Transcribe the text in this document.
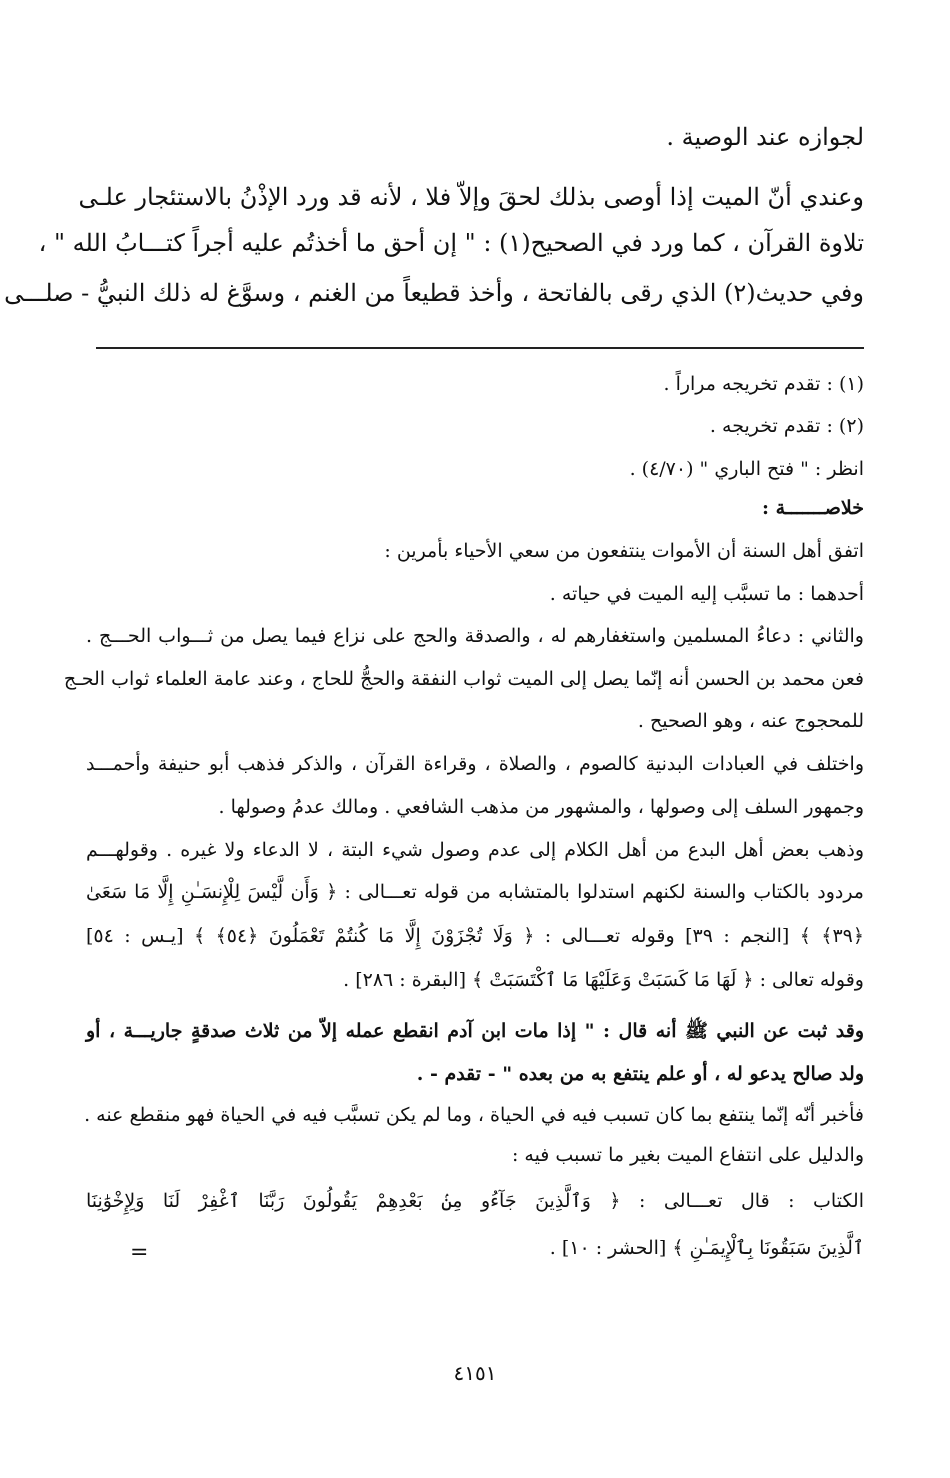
لجوازه عند الوصية .
وعندي أنّ الميت إذا أوصى بذلك لحقَ وإلاّ فلا ، لأنه قد ورد الإذْنُ بالاستئجار علـى
تلاوة القرآن ، كما ورد في الصحيح(١) : " إن أحق ما أخذتُم عليه أجراً كتـــابُ الله " ،
وفي حديث(٢) الذي رقى بالفاتحة ، وأخذ قطيعاً من الغنم ، وسوَّغ له ذلك النبيُّ - صلـــى
(١) : تقدم تخريجه مراراً .
(٢) : تقدم تخريجه .
انظر : " فتح الباري " (٤/٧٠) .
خلاصـــــــة :
اتفق أهل السنة أن الأموات ينتفعون من سعي الأحياء بأمرين :
أحدهما : ما تسبَّب إليه الميت في حياته .
والثاني : دعاءُ المسلمين واستغفارهم له ، والصدقة والحج على نزاع فيما يصل من ثـــواب الحـــج .
فعن محمد بن الحسن أنه إنّما يصل إلى الميت ثواب النفقة والحجُّ للحاج ، وعند عامة العلماء ثواب الحـج
للمحجوج عنه ، وهو الصحيح .
واختلف في العبادات البدنية كالصوم ، والصلاة ، وقراءة القرآن ، والذكر فذهب أبو حنيفة وأحمـــد
وجمهور السلف إلى وصولها ، والمشهور من مذهب الشافعي . ومالك عدمُ وصولها .
وذهب بعض أهل البدع من أهل الكلام إلى عدم وصول شيء البتة ، لا الدعاء ولا غيره . وقولهـــم
مردود بالكتاب والسنة لكنهم استدلوا بالمتشابه من قوله تعـــالى : ﴿ وَأَن لَّيْسَ لِلْإِنسَـٰنِ إِلَّا مَا سَعَىٰ
﴿٣٩﴾ ﴾ [النجم : ٣٩] وقوله تعـــالى : ﴿ وَلَا تُجْزَوْنَ إِلَّا مَا كُنتُمْ تَعْمَلُونَ ﴿٥٤﴾ ﴾ [يـس : ٥٤]
وقوله تعالى : ﴿ لَهَا مَا كَسَبَتْ وَعَلَيْهَا مَا ٱكْتَسَبَتْ ﴾ [البقرة : ٢٨٦] .
وقد ثبت عن النبي ﷺ أنه قال : " إذا مات ابن آدم انقطع عمله إلاّ من ثلاث صدقةٍ جاريـــة ، أو
ولد صالح يدعو له ، أو علم ينتفع به من بعده " - تقدم - .
فأخبر أنّه إنّما ينتفع بما كان تسبب فيه في الحياة ، وما لم يكن تسبَّب فيه في الحياة فهو منقطع عنه .
والدليل على انتفاع الميت بغير ما تسبب فيه :
الكتاب : قال تعـــالى : ﴿ وَٱلَّذِينَ جَآءُو مِنۢ بَعْدِهِمْ يَقُولُونَ رَبَّنَا ٱغْفِرْ لَنَا وَلِإِخْوَٰنِنَا
ٱلَّذِينَ سَبَقُونَا بِٱلْإِيمَـٰنِ ﴾ [الحشر : ١٠] .
=
٤١٥١
